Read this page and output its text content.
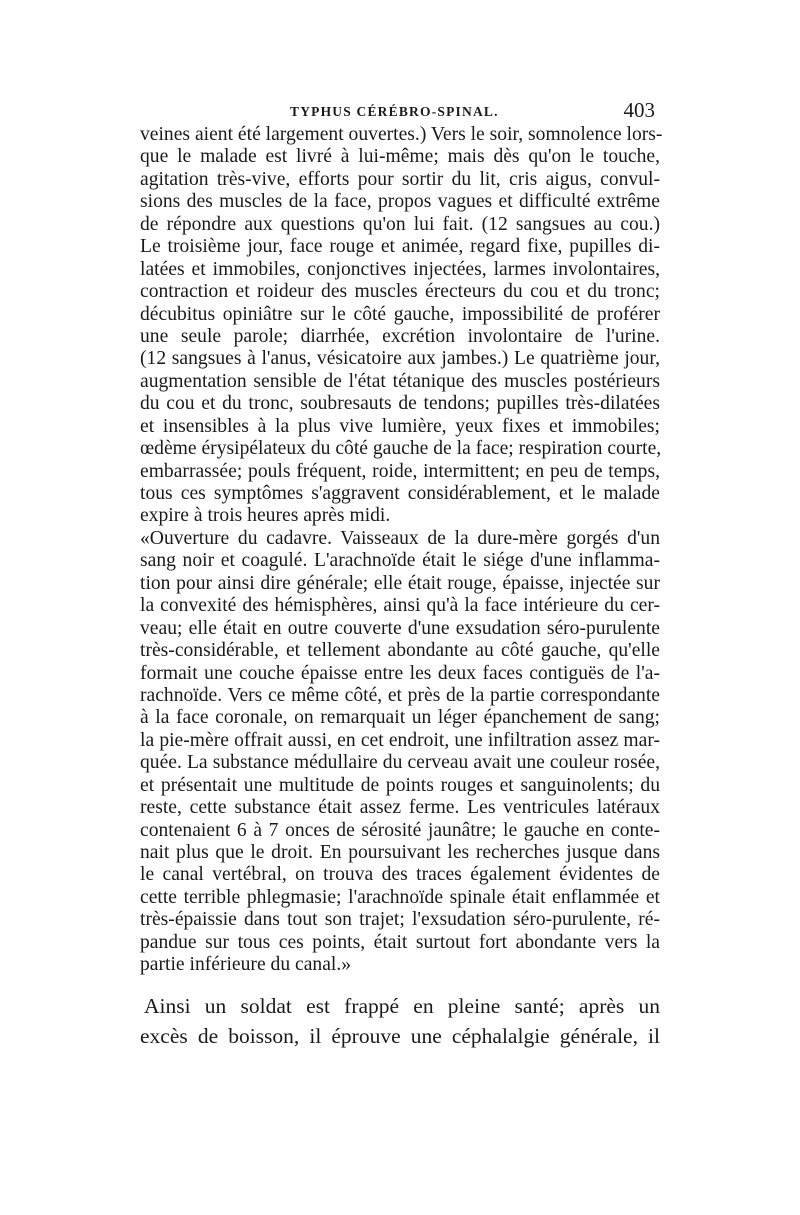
TYPHUS CÉRÉBRO-SPINAL.	403
veines aient été largement ouvertes.) Vers le soir, somnolence lors-
que le malade est livré à lui-même; mais dès qu'on le touche,
agitation très-vive, efforts pour sortir du lit, cris aigus, convul-
sions des muscles de la face, propos vagues et difficulté extrême
de répondre aux questions qu'on lui fait. (12 sangsues au cou.)
Le troisième jour, face rouge et animée, regard fixe, pupilles di-
latées et immobiles, conjonctives injectées, larmes involontaires,
contraction et roideur des muscles érecteurs du cou et du tronc;
décubitus opiniâtre sur le côté gauche, impossibilité de proférer
une seule parole; diarrhée, excrétion involontaire de l'urine.
(12 sangsues à l'anus, vésicatoire aux jambes.) Le quatrième jour,
augmentation sensible de l'état tétanique des muscles postérieurs
du cou et du tronc, soubresauts de tendons; pupilles très-dilatées
et insensibles à la plus vive lumière, yeux fixes et immobiles;
œdème érysipélateux du côté gauche de la face; respiration courte,
embarrassée; pouls fréquent, roide, intermittent; en peu de temps,
tous ces symptômes s'aggravent considérablement, et le malade
expire à trois heures après midi.
«Ouverture du cadavre. Vaisseaux de la dure-mère gorgés d'un
sang noir et coagulé. L'arachnoïde était le siége d'une inflamma-
tion pour ainsi dire générale; elle était rouge, épaisse, injectée sur
la convexité des hémisphères, ainsi qu'à la face intérieure du cer-
veau; elle était en outre couverte d'une exsudation séro-purulente
très-considérable, et tellement abondante au côté gauche, qu'elle
formait une couche épaisse entre les deux faces contiguës de l'a-
rachnoïde. Vers ce même côté, et près de la partie correspondante
à la face coronale, on remarquait un léger épanchement de sang;
la pie-mère offrait aussi, en cet endroit, une infiltration assez mar-
quée. La substance médullaire du cerveau avait une couleur rosée,
et présentait une multitude de points rouges et sanguinolents; du
reste, cette substance était assez ferme. Les ventricules latéraux
contenaient 6 à 7 onces de sérosité jaunâtre; le gauche en conte-
nait plus que le droit. En poursuivant les recherches jusque dans
le canal vertébral, on trouva des traces également évidentes de
cette terrible phlegmasie; l'arachnoïde spinale était enflammée et
très-épaissie dans tout son trajet; l'exsudation séro-purulente, ré-
pandue sur tous ces points, était surtout fort abondante vers la
partie inférieure du canal.»
Ainsi un soldat est frappé en pleine santé; après un
excès de boisson, il éprouve une céphalalgie générale, il
